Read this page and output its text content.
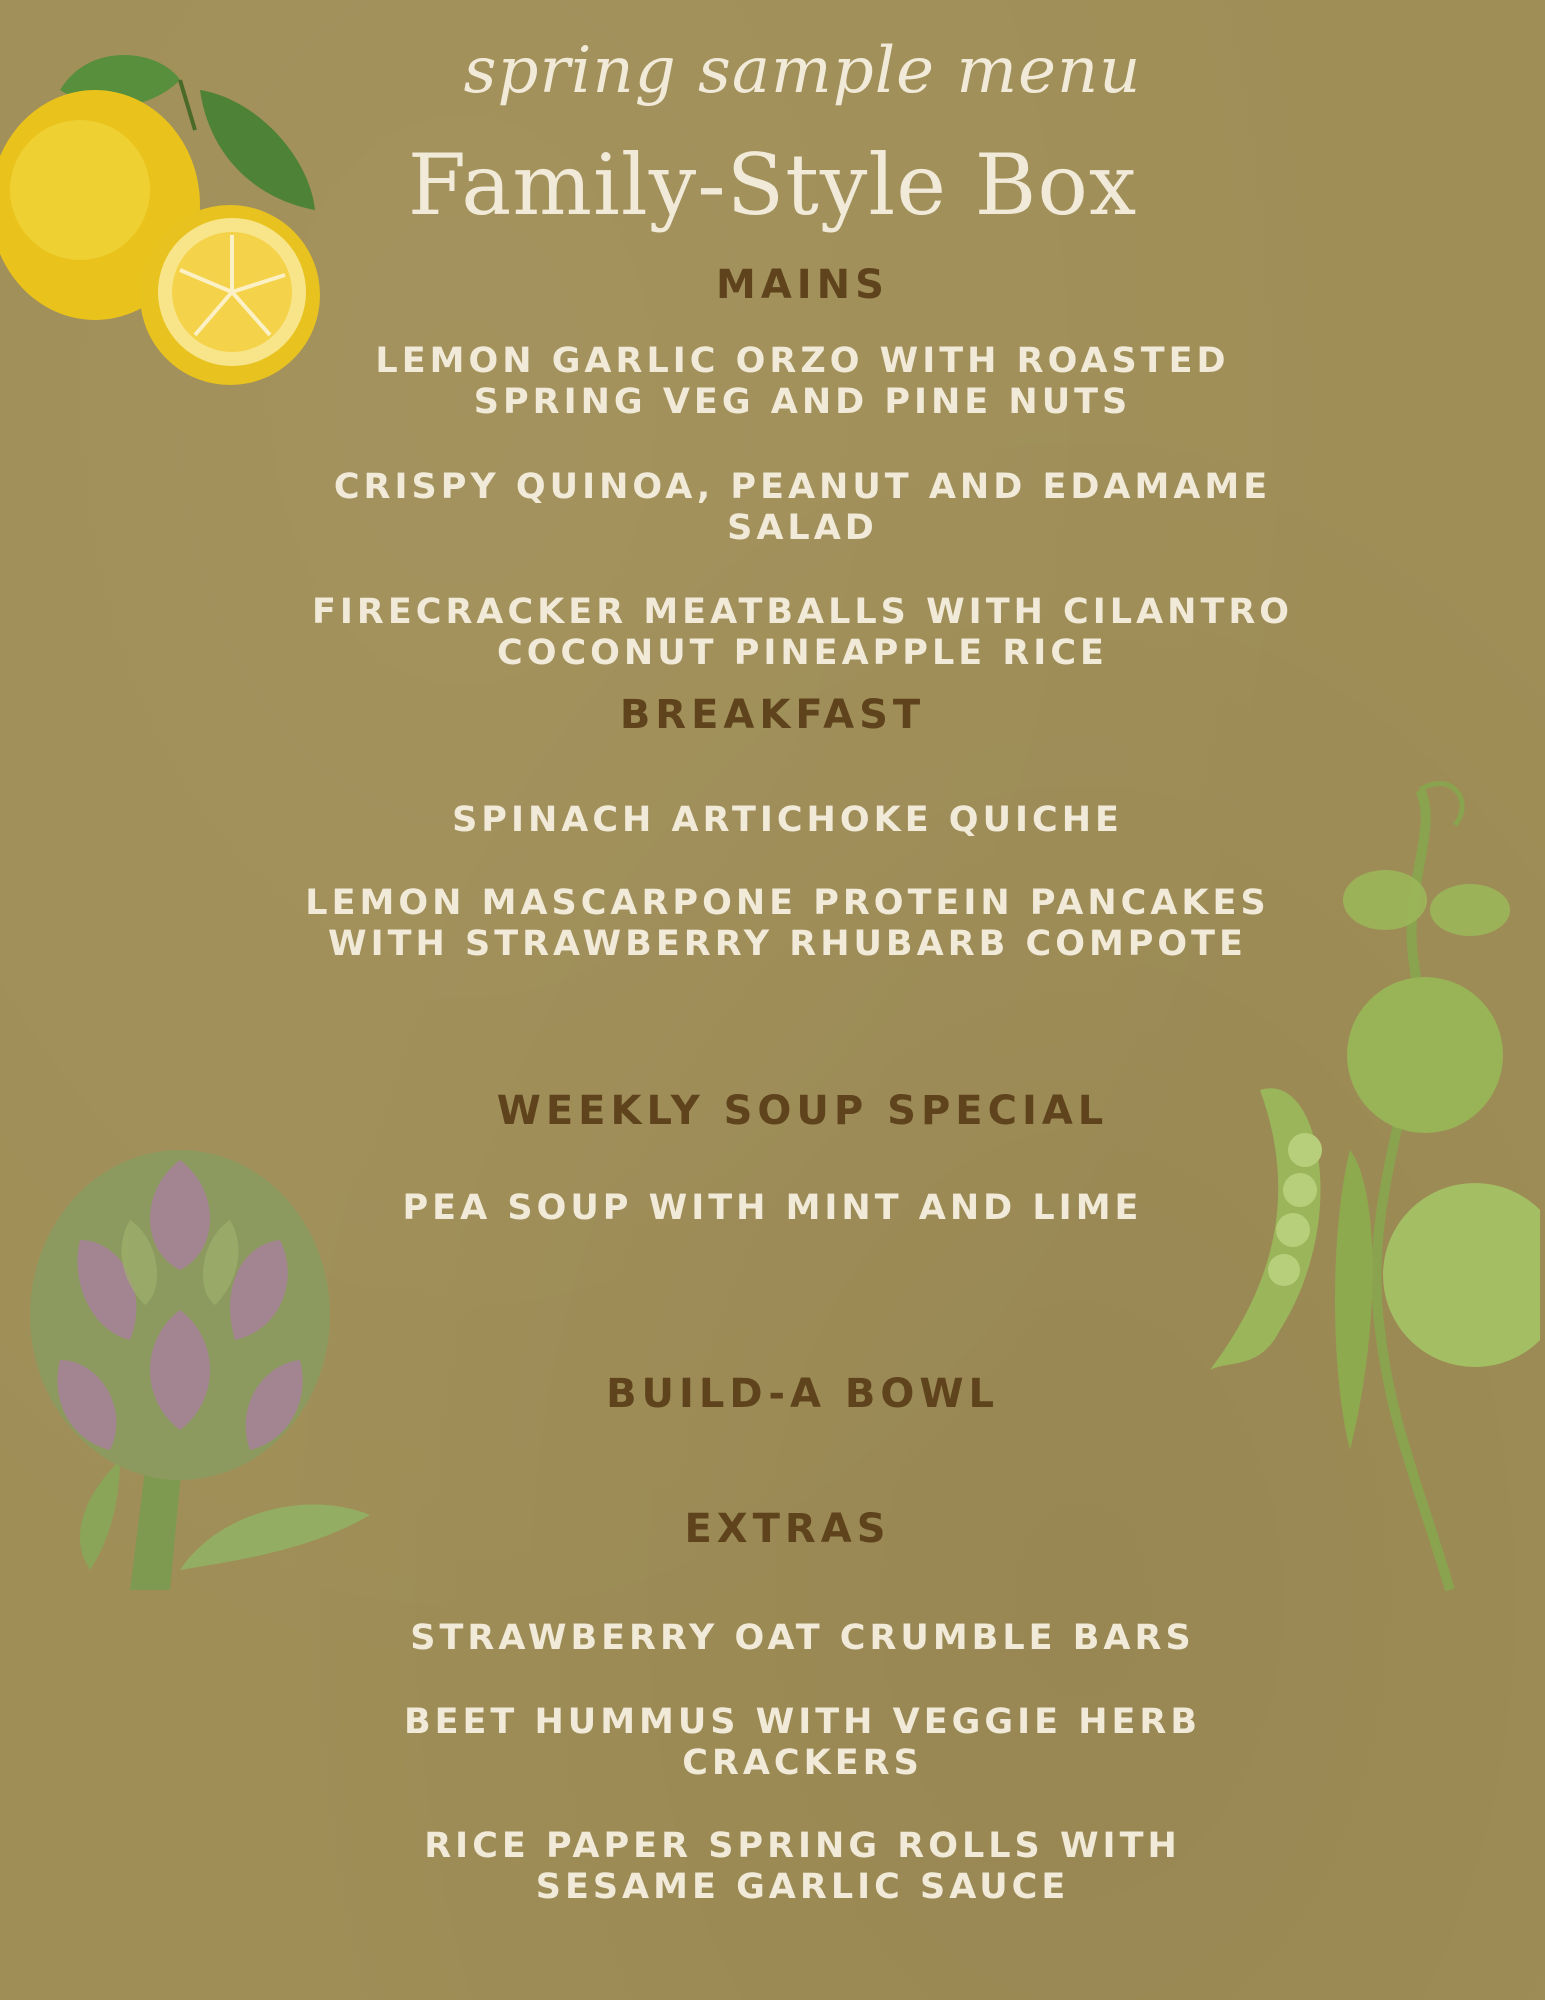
spring sample menu
Family-Style Box
MAINS
LEMON GARLIC ORZO WITH ROASTED
SPRING VEG AND PINE NUTS
CRISPY QUINOA, PEANUT AND EDAMAME
SALAD
FIRECRACKER MEATBALLS WITH CILANTRO
COCONUT PINEAPPLE RICE
BREAKFAST
SPINACH ARTICHOKE QUICHE
LEMON MASCARPONE PROTEIN PANCAKES
WITH STRAWBERRY RHUBARB COMPOTE
WEEKLY SOUP SPECIAL
PEA SOUP WITH MINT AND LIME
BUILD-A BOWL
EXTRAS
STRAWBERRY OAT CRUMBLE BARS
BEET HUMMUS WITH VEGGIE HERB
CRACKERS
RICE PAPER SPRING ROLLS WITH
SESAME GARLIC SAUCE
